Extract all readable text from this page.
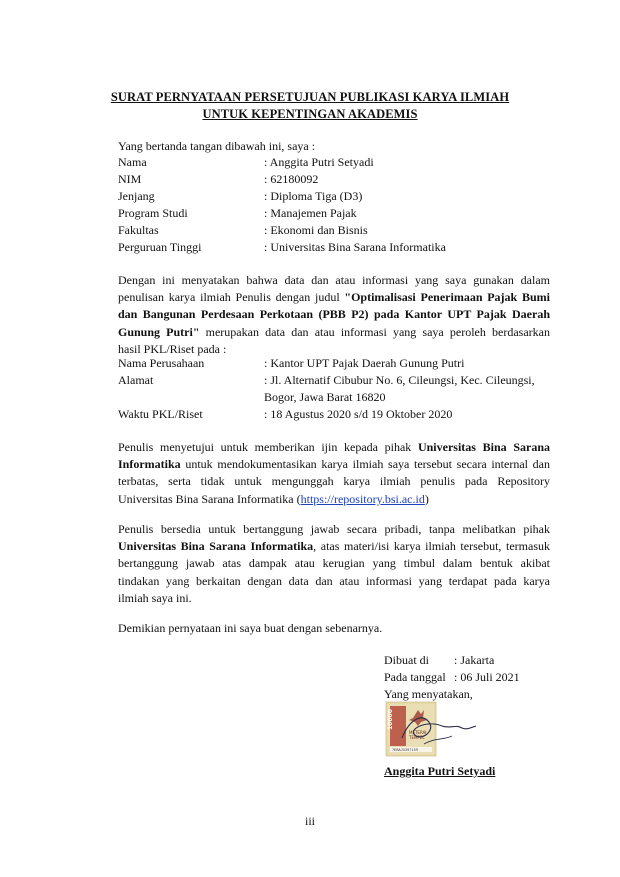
SURAT PERNYATAAN PERSETUJUAN PUBLIKASI KARYA ILMIAH
UNTUK KEPENTINGAN AKADEMIS
Yang bertanda tangan dibawah ini, saya :
Nama	: Anggita Putri Setyadi
NIM	: 62180092
Jenjang	: Diploma Tiga (D3)
Program Studi	: Manajemen Pajak
Fakultas	: Ekonomi dan Bisnis
Perguruan Tinggi	: Universitas Bina Sarana Informatika

Dengan ini menyatakan bahwa data dan atau informasi yang saya gunakan dalam

penulisan karya ilmiah Penulis dengan judul "Optimalisasi Penerimaan Pajak Bumi

dan Bangunan Perdesaan Perkotaan (PBB P2) pada Kantor UPT Pajak Daerah

Gunung Putri" merupakan data dan atau informasi yang saya peroleh berdasarkan

hasil PKL/Riset pada :

Nama Perusahaan	: Kantor UPT Pajak Daerah Gunung Putri
Alamat	: Jl. Alternatif Cibubur No. 6, Cileungsi, Kec. Cileungsi,
Bogor, Jawa Barat 16820
Waktu PKL/Riset	: 18 Agustus 2020 s/d 19 Oktober 2020

Penulis menyetujui untuk memberikan ijin kepada pihak Universitas Bina Sarana

Informatika untuk mendokumentasikan karya ilmiah saya tersebut secara internal dan

terbatas, serta tidak untuk mengunggah karya ilmiah penulis pada Repository

Universitas Bina Sarana Informatika (https://repository.bsi.ac.id)

Penulis bersedia untuk bertanggung jawab secara pribadi, tanpa melibatkan pihak

Universitas Bina Sarana Informatika, atas materi/isi karya ilmiah tersebut, termasuk

bertanggung jawab atas dampak atau kerugian yang timbul dalam bentuk akibat

tindakan yang berkaitan dengan data dan atau informasi yang terdapat pada karya

ilmiah saya ini.

Demikian pernyataan ini saya buat dengan sebenarnya.
Dibuat di : Jakarta
Pada tanggal : 06 Juli 2021
Yang menyatakan,
10000
METERAI
TEMPEL
7EBAJX397159
Anggita Putri Setyadi
iii
